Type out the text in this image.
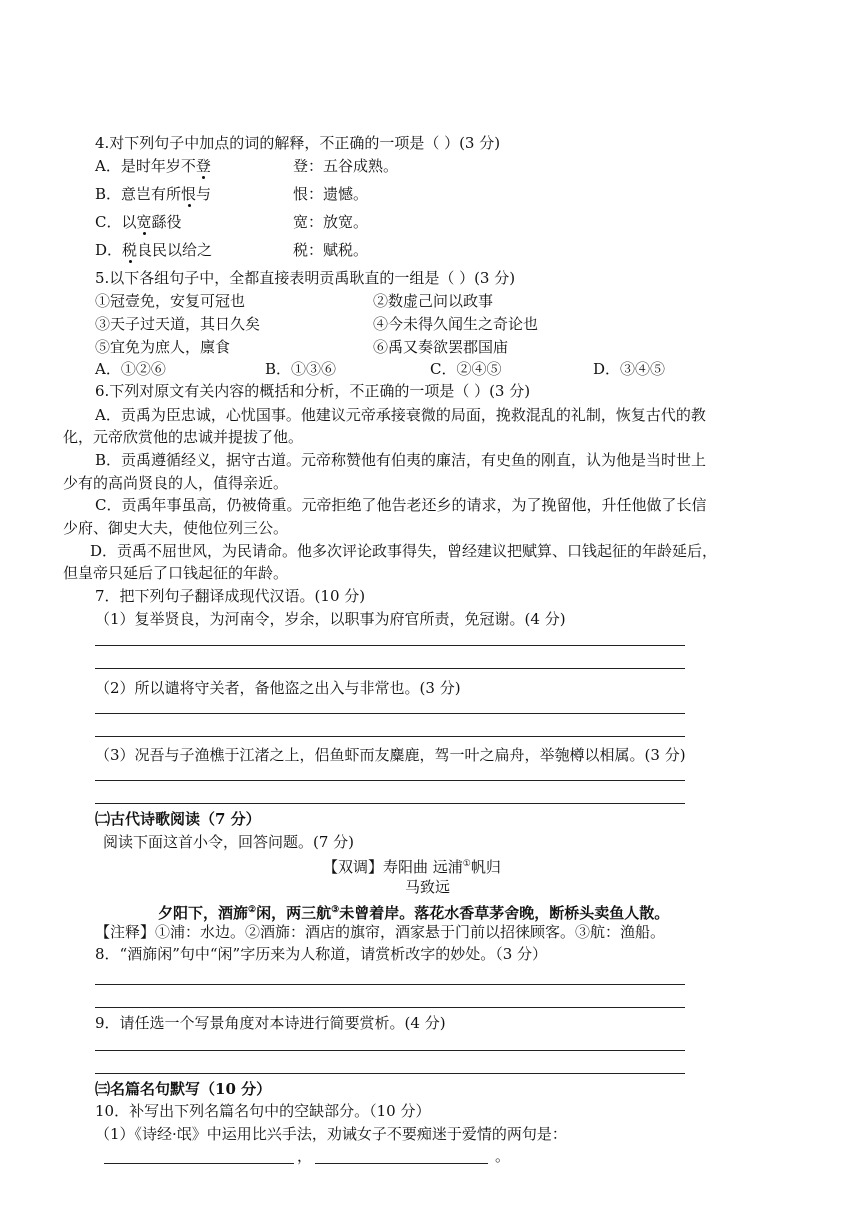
4.对下列句子中加点的词的解释，不正确的一项是（ ）(3 分)
A．是时年岁不登	登：五谷成熟。
B．意岂有所恨与	恨：遗憾。
C．以宽繇役	宽：放宽。
D．税良民以给之	税：赋税。
5.以下各组句子中，全都直接表明贡禹耿直的一组是（ ）(3 分)
①冠壹免，安复可冠也	②数虚己问以政事
③天子过天道，其日久矣	④今未得久闻生之奇论也
⑤宜免为庶人，廪食	⑥禹又奏欲罢郡国庙
A．①②⑥	B．①③⑥	C．②④⑤	D．③④⑤
6.下列对原文有关内容的概括和分析，不正确的一项是（ ）(3 分)
A．贡禹为臣忠诚，心忧国事。他建议元帝承接衰微的局面，挽救混乱的礼制，恢复古代的教
化，元帝欣赏他的忠诚并提拔了他。
B．贡禹遵循经义，据守古道。元帝称赞他有伯夷的廉洁，有史鱼的刚直，认为他是当时世上
少有的高尚贤良的人，值得亲近。
C．贡禹年事虽高，仍被倚重。元帝拒绝了他告老还乡的请求，为了挽留他，升任他做了长信
少府、御史大夫，使他位列三公。
D．贡禹不屈世风，为民请命。他多次评论政事得失，曾经建议把赋算、口钱起征的年龄延后，
但皇帝只延后了口钱起征的年龄。
7．把下列句子翻译成现代汉语。(10 分)
（1）复举贤良，为河南令，岁余，以职事为府官所责，免冠谢。(4 分)
（2）所以谴将守关者，备他盗之出入与非常也。(3 分)
（3）况吾与子渔樵于江渚之上，侣鱼虾而友麋鹿，驾一叶之扁舟，举匏樽以相属。(3 分)
㈡古代诗歌阅读（7 分）
阅读下面这首小令，回答问题。(7 分)
【双调】寿阳曲 远浦①帆归
马致远
夕阳下，酒旆②闲，两三航③未曾着岸。落花水香草茅舍晚，断桥头卖鱼人散。
【注释】①浦：水边。②酒旆：酒店的旗帘，酒家悬于门前以招徕顾客。③航：渔船。
8．“酒旆闲”句中“闲”字历来为人称道，请赏析改字的妙处。（3 分）
9．请任选一个写景角度对本诗进行简要赏析。(4 分)
㈢名篇名句默写（10 分）
10．补写出下列名篇名句中的空缺部分。（10 分）
（1）《诗经·氓》中运用比兴手法，劝诫女子不要痴迷于爱情的两句是：
，	。
